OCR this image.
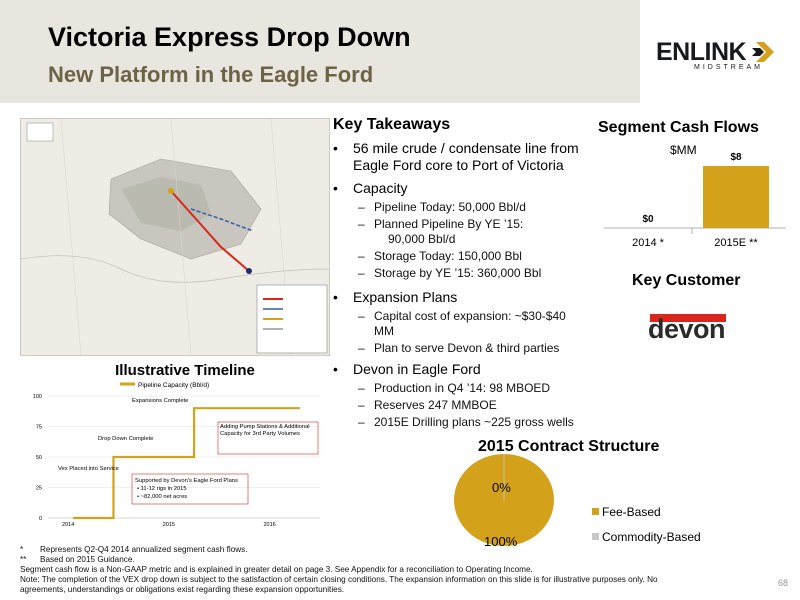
Victoria Express Drop Down
New Platform in the Eagle Ford
ENLINK
MIDSTREAM
Illustrative Timeline
Pipeline Capacity (Bbl/d)
0
25
50
75
100
2014	2015	2016
Vex Placed into Service
Drop Down Complete
Expansions Complete
Adding Pump Stations & Additional Capacity for 3rd Party Volumes
Supported by Devon's Eagle Ford Plans
• 11-12 rigs in 2015
• ~82,000 net acres
Key Takeaways
• 56 mile crude / condensate line from
Eagle Ford core to Port of Victoria
• Capacity
– Pipeline Today: 50,000 Bbl/d
– Planned Pipeline By YE ’15:
90,000 Bbl/d
– Storage Today: 150,000 Bbl
– Storage by YE ’15: 360,000 Bbl
• Expansion Plans
– Capital cost of expansion: ~$30-$40
MM
– Plan to serve Devon & third parties
• Devon in Eagle Ford
– Production in Q4 ’14: 98 MBOED
– Reserves 247 MMBOE
– 2015E Drilling plans ~225 gross wells
Segment Cash Flows
$MM
$0
2014 *
$8
2015E **
Key Customer
devon
2015 Contract Structure
0%
100%
Fee-Based
Commodity-Based
* Represents Q2-Q4 2014 annualized segment cash flows.
** Based on 2015 Guidance.
Segment cash flow is a Non-GAAP metric and is explained in greater detail on page 3. See Appendix for a reconciliation to Operating Income.
Note: The completion of the VEX drop down is subject to the satisfaction of certain closing conditions. The expansion information on this slide is for illustrative purposes only. No
agreements, understandings or obligations exist regarding these expansion opportunities.
68
